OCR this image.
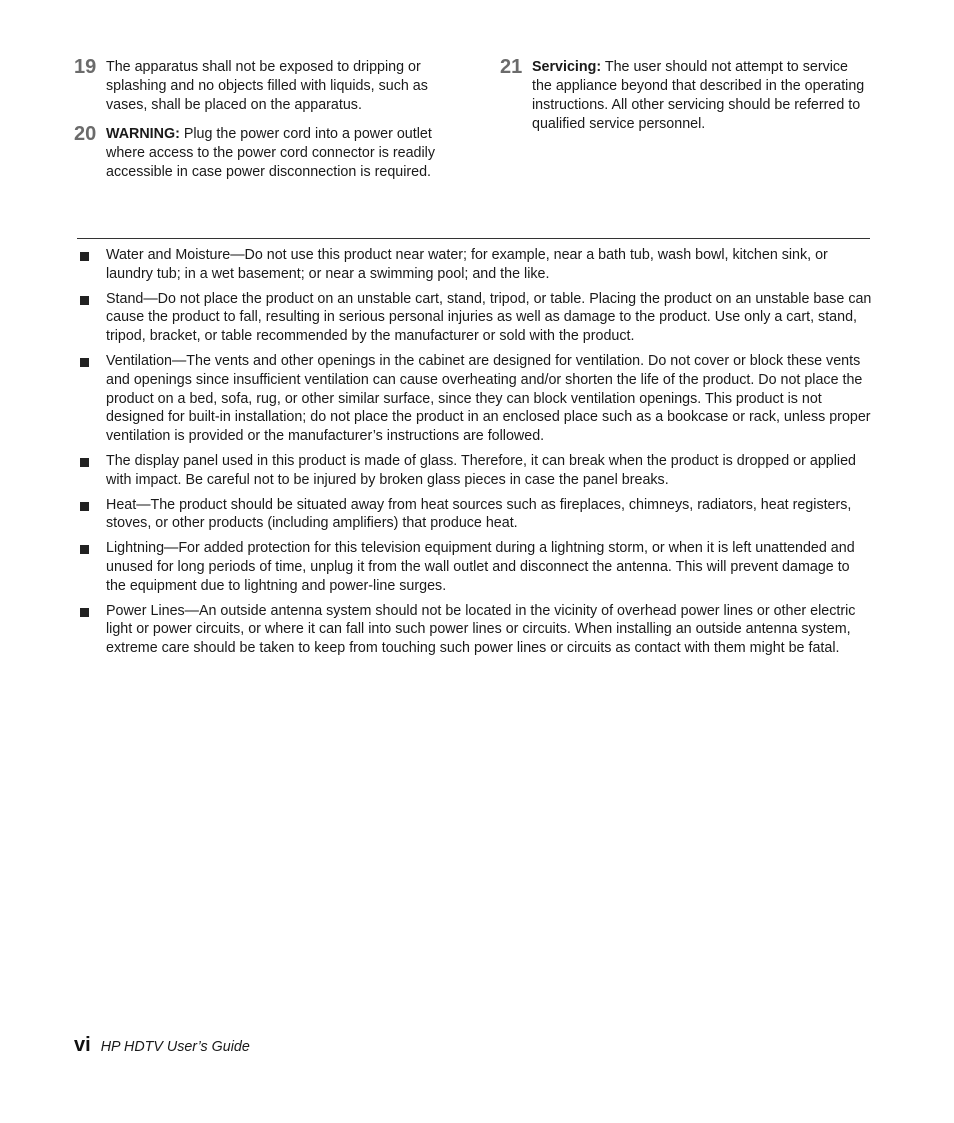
19 The apparatus shall not be exposed to dripping or splashing and no objects filled with liquids, such as vases, shall be placed on the apparatus.
20 WARNING: Plug the power cord into a power outlet where access to the power cord connector is readily accessible in case power disconnection is required.
21 Servicing: The user should not attempt to service the appliance beyond that described in the operating instructions. All other servicing should be referred to qualified service personnel.
Water and Moisture—Do not use this product near water; for example, near a bath tub, wash bowl, kitchen sink, or laundry tub; in a wet basement; or near a swimming pool; and the like.
Stand—Do not place the product on an unstable cart, stand, tripod, or table. Placing the product on an unstable base can cause the product to fall, resulting in serious personal injuries as well as damage to the product. Use only a cart, stand, tripod, bracket, or table recommended by the manufacturer or sold with the product.
Ventilation—The vents and other openings in the cabinet are designed for ventilation. Do not cover or block these vents and openings since insufficient ventilation can cause overheating and/or shorten the life of the product. Do not place the product on a bed, sofa, rug, or other similar surface, since they can block ventilation openings. This product is not designed for built-in installation; do not place the product in an enclosed place such as a bookcase or rack, unless proper ventilation is provided or the manufacturer’s instructions are followed.
The display panel used in this product is made of glass. Therefore, it can break when the product is dropped or applied with impact. Be careful not to be injured by broken glass pieces in case the panel breaks.
Heat—The product should be situated away from heat sources such as fireplaces, chimneys, radiators, heat registers, stoves, or other products (including amplifiers) that produce heat.
Lightning—For added protection for this television equipment during a lightning storm, or when it is left unattended and unused for long periods of time, unplug it from the wall outlet and disconnect the antenna. This will prevent damage to the equipment due to lightning and power-line surges.
Power Lines—An outside antenna system should not be located in the vicinity of overhead power lines or other electric light or power circuits, or where it can fall into such power lines or circuits. When installing an outside antenna system, extreme care should be taken to keep from touching such power lines or circuits as contact with them might be fatal.
vi HP HDTV User’s Guide
